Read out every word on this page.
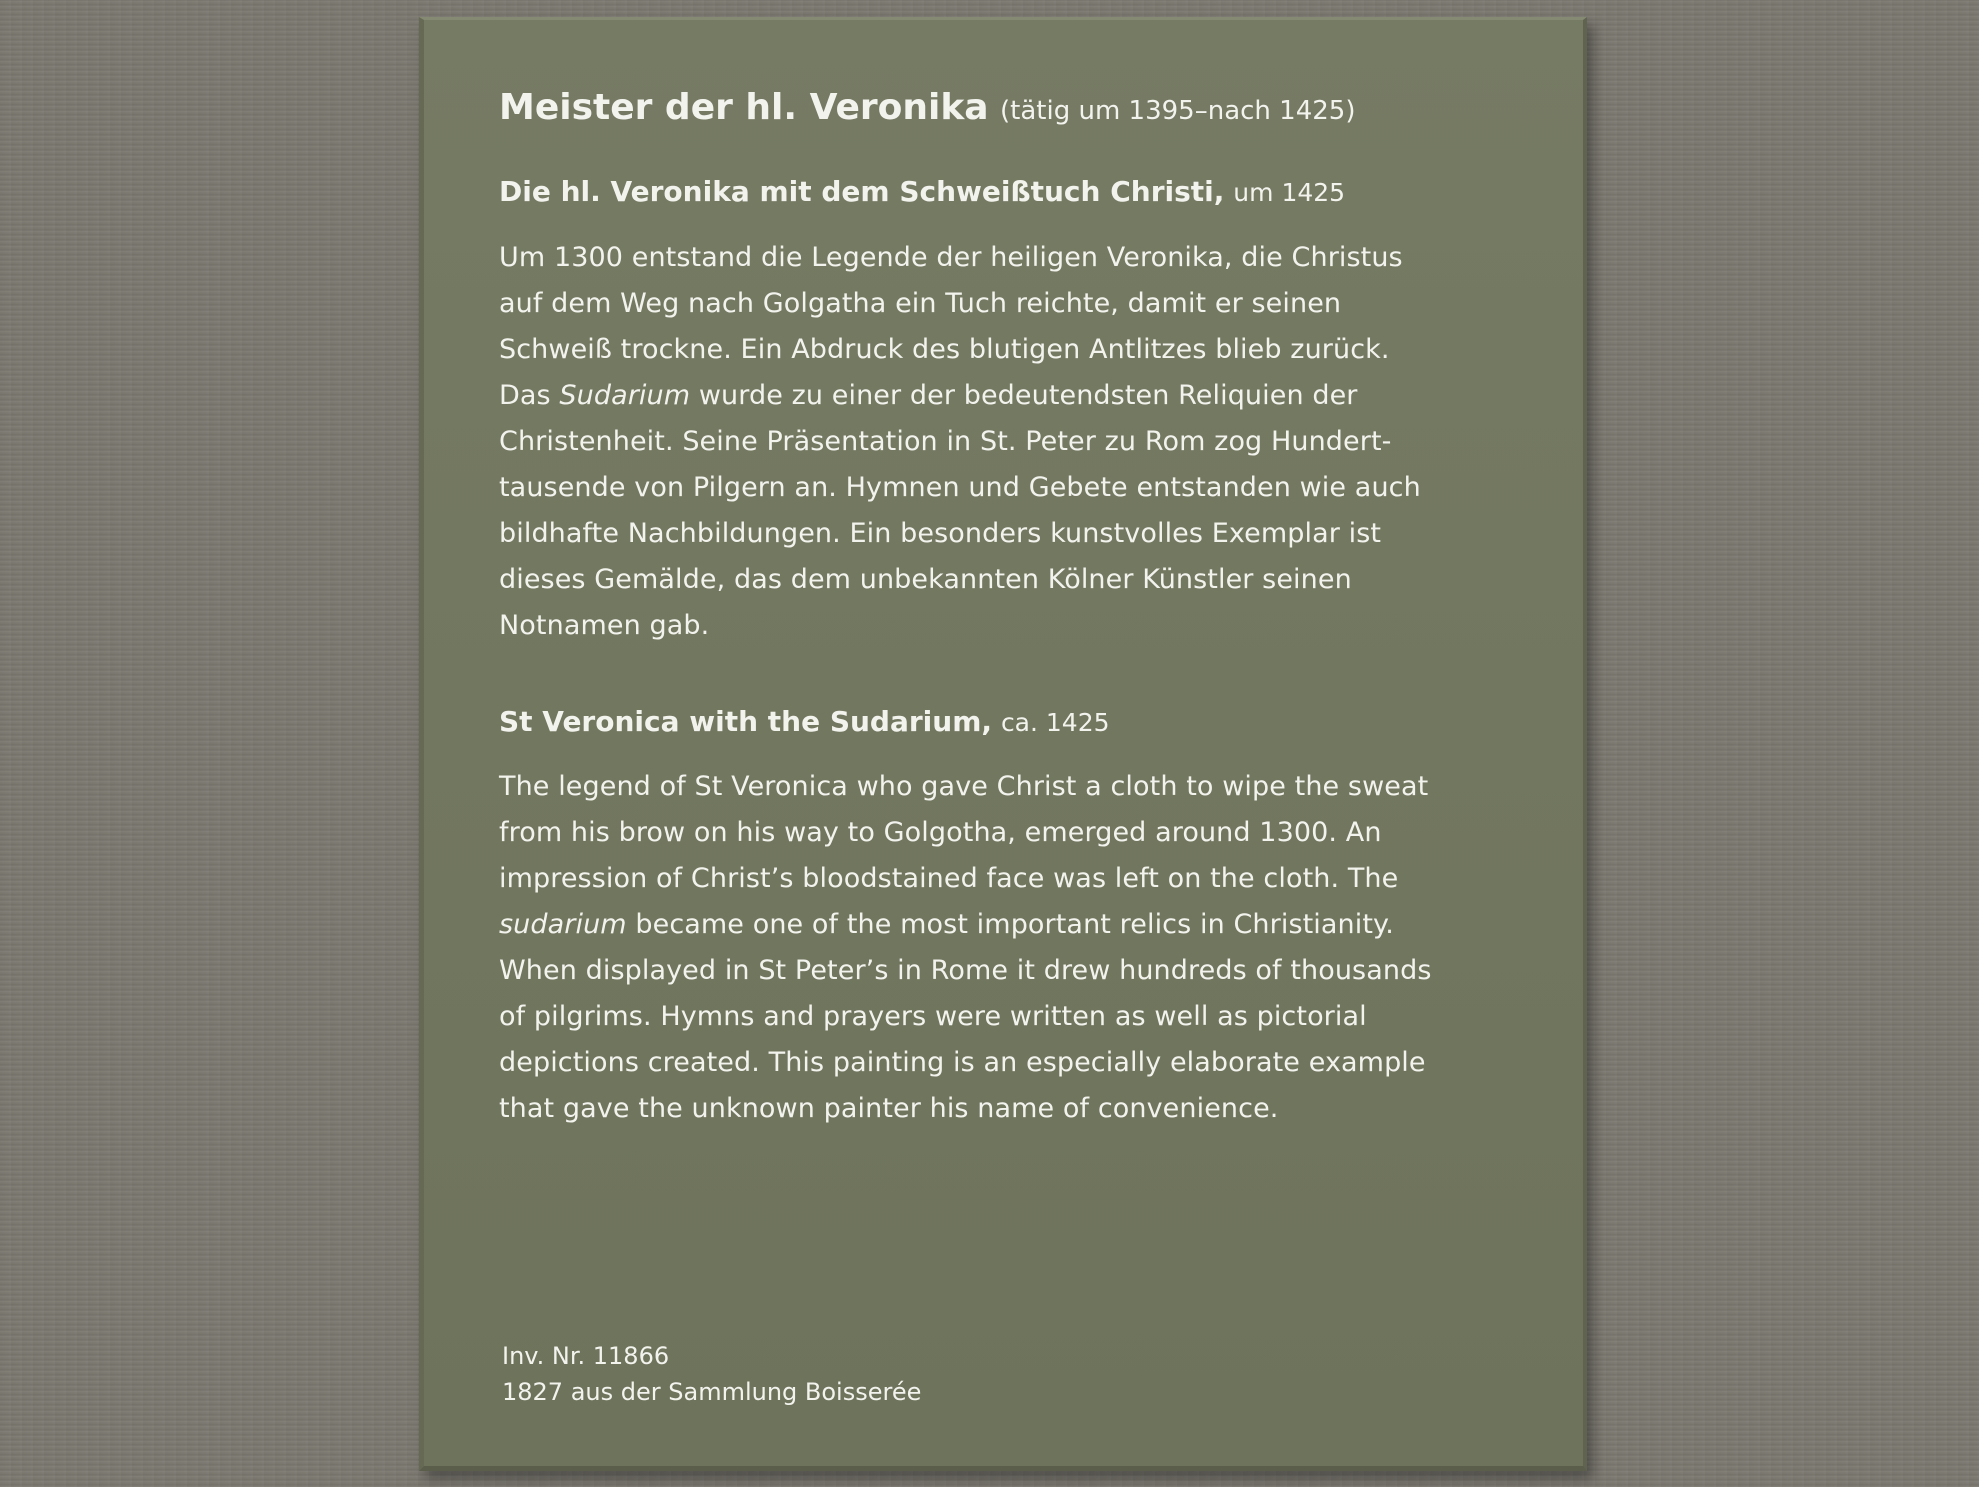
Meister der hl. Veronika (tätig um 1395–nach 1425)
Die hl. Veronika mit dem Schweißtuch Christi, um 1425

Um 1300 entstand die Legende der heiligen Veronika, die Christus
auf dem Weg nach Golgatha ein Tuch reichte, damit er seinen
Schweiß trockne. Ein Abdruck des blutigen Antlitzes blieb zurück.
Das Sudarium wurde zu einer der bedeutendsten Reliquien der
Christenheit. Seine Präsentation in St. Peter zu Rom zog Hundert-
tausende von Pilgern an. Hymnen und Gebete entstanden wie auch
bildhafte Nachbildungen. Ein besonders kunstvolles Exemplar ist
dieses Gemälde, das dem unbekannten Kölner Künstler seinen
Notnamen gab.

St Veronica with the Sudarium, ca. 1425

The legend of St Veronica who gave Christ a cloth to wipe the sweat
from his brow on his way to Golgotha, emerged around 1300. An
impression of Christ’s bloodstained face was left on the cloth. The
sudarium became one of the most important relics in Christianity.
When displayed in St Peter’s in Rome it drew hundreds of thousands
of pilgrims. Hymns and prayers were written as well as pictorial
depictions created. This painting is an especially elaborate example
that gave the unknown painter his name of convenience.

Inv. Nr. 11866
1827 aus der Sammlung Boisserée
